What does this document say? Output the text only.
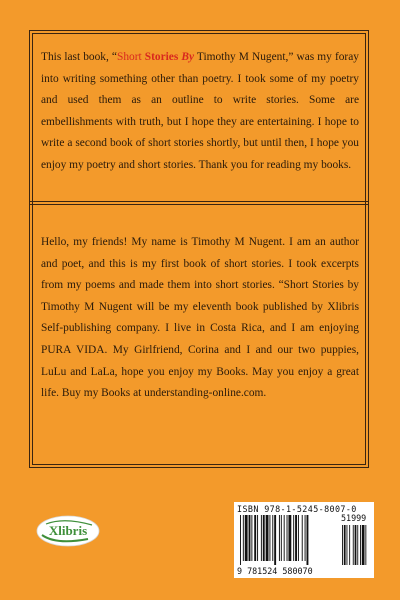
This last book, “Short Stories By Timothy M Nugent,” was my foray into writing something other than poetry. I took some of my poetry and used them as an outline to write stories. Some are embellishments with truth, but I hope they are entertaining. I hope to write a second book of short stories shortly, but until then, I hope you enjoy my poetry and short stories. Thank you for reading my books.
Hello, my friends! My name is Timothy M Nugent. I am an author and poet, and this is my first book of short stories. I took excerpts from my poems and made them into short stories. “Short Stories by Timothy M Nugent will be my eleventh book published by Xlibris Self-publishing company. I live in Costa Rica, and I am enjoying PURA VIDA. My Girlfriend, Corina and I and our two puppies, LuLu and LaLa, hope you enjoy my Books. May you enjoy a great life. Buy my Books at understanding-online.com.
Xlibris
ISBN 978-1-5245-8007-0
51999
9 781524 580070
